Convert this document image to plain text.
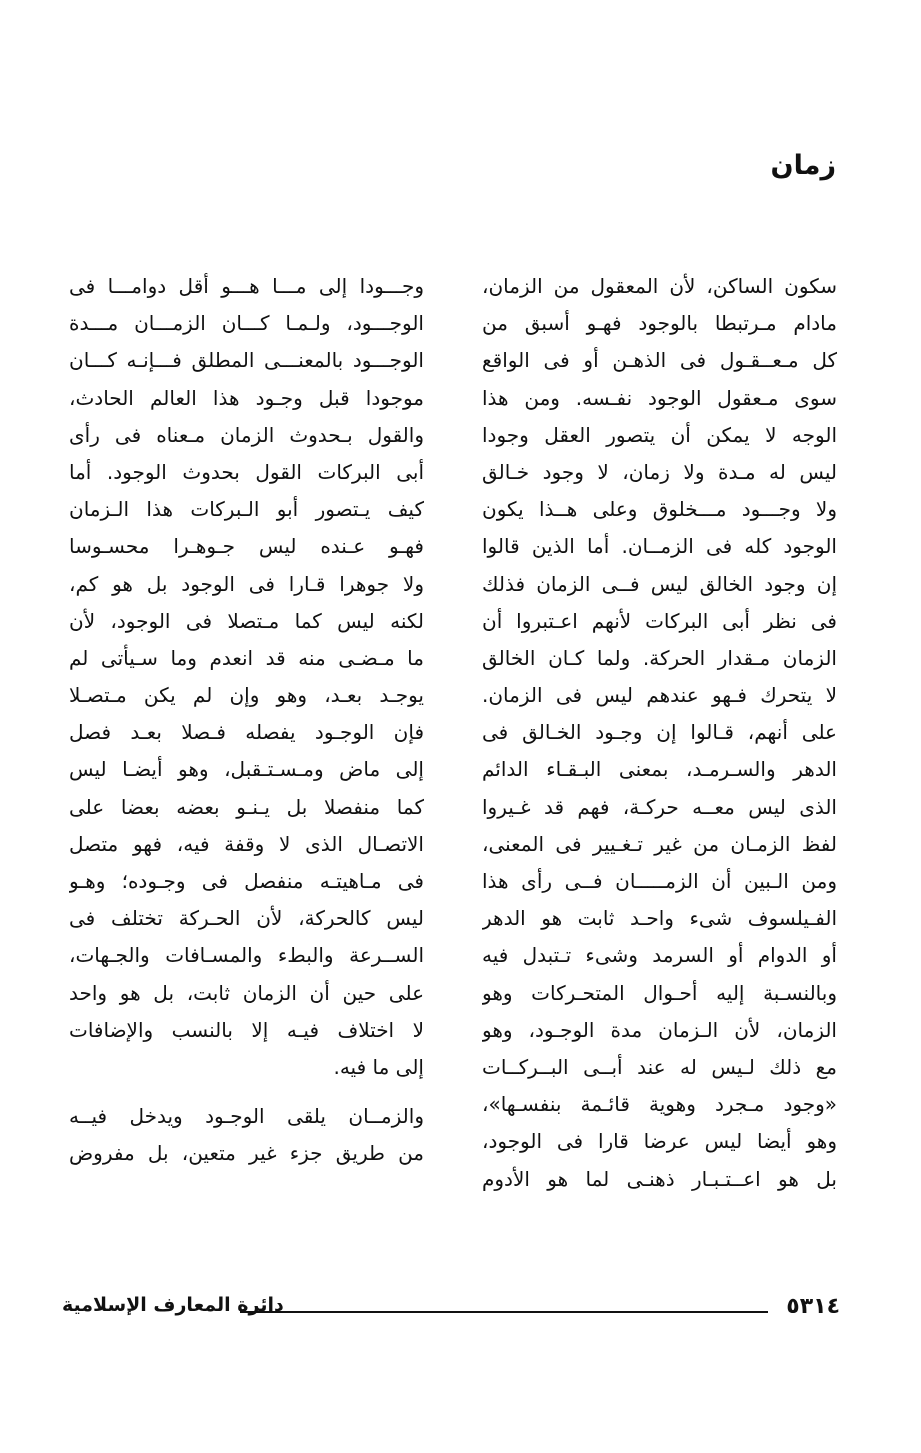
زمان
سكون الساكن، لأن المعقول من الزمان،
مادام مـرتبطا بالوجود فهـو أسبق من
كل مـعــقـول فى الذهـن أو فى الواقع
سوى مـعقول الوجود نفـسه. ومن هذا
الوجه لا يمكن أن يتصور العقل وجودا
ليس له مـدة ولا زمان، لا وجود خـالق
ولا وجـــود مـــخلوق وعلى هــذا يكون
الوجود كله فى الزمــان. أما الذين قالوا
إن وجود الخالق ليس فــى الزمان فذلك
فى نظر أبى البركات لأنهم اعـتبروا أن
الزمان مـقدار الحركة. ولما كـان الخالق
لا يتحرك فـهو عندهم ليس فى الزمان.
على أنهم، قـالوا إن وجـود الخـالق فى
الدهر والسـرمـد، بمعنى البـقـاء الدائم
الذى ليس معــه حركـة، فهم قد غـيروا
لفظ الزمـان من غير تـغـيير فى المعنى،
ومن الـبين أن الزمـــــان فــى رأى هذا
الفـيلسوف شىء واحـد ثابت هو الدهر
أو الدوام أو السرمد وشىء تـتبدل فيه
وبالنسـبة إليه أحـوال المتحـركات وهو
الزمان، لأن الـزمان مدة الوجـود، وهو
مع ذلك لـيس له عند أبــى البــركــات
«وجود مـجرد وهوية قائـمة بنفسـها»،
وهو أيضا ليس عرضا قارا فى الوجود،
بل هو اعــتـبـار ذهنـى لما هو الأدوم
وجـــودا إلى مـــا هـــو أقل دوامـــا فى
الوجـــود، ولـمـا كـــان الزمـــان مـــدة
الوجـــود بالمعنـــى المطلق فـــإنـه كـــان
موجودا قبل وجـود هذا العالم الحادث،
والقول بـحدوث الزمان مـعناه فى رأى
أبى البركات القول بحدوث الوجود. أما
كيف يـتصور أبو الـبركات هذا الـزمان
فهـو عـنده ليس جـوهـرا محسـوسا
ولا جوهرا قـارا فى الوجود بل هو كم،
لكنه ليس كما مـتصلا فى الوجود، لأن
ما مـضـى منه قد انعدم وما سـيأتى لم
يوجـد بعـد، وهو وإن لم يكن مـتصـلا
فإن الوجـود يفصله فـصلا بعـد فصل
إلى ماض ومـسـتـقبل، وهو أيضـا ليس
كما منفصلا بل يـنـو بعضه بعضا على
الاتصـال الذى لا وقفة فيه، فهو متصل
فى مـاهيتـه منفصل فى وجـوده؛ وهـو
ليس كالحركة، لأن الحـركة تختلف فى
الســرعة والبطء والمسـافات والجـهات،
على حين أن الزمان ثابت، بل هو واحد
لا اختلاف فيـه إلا بالنسب والإضافات
إلى ما فيه.
والزمــان يلقى الوجـود ويدخل فيــه
من طريق جزء غير متعين، بل مفروض
٥٣١٤
دائرة المعارف الإسلامية
